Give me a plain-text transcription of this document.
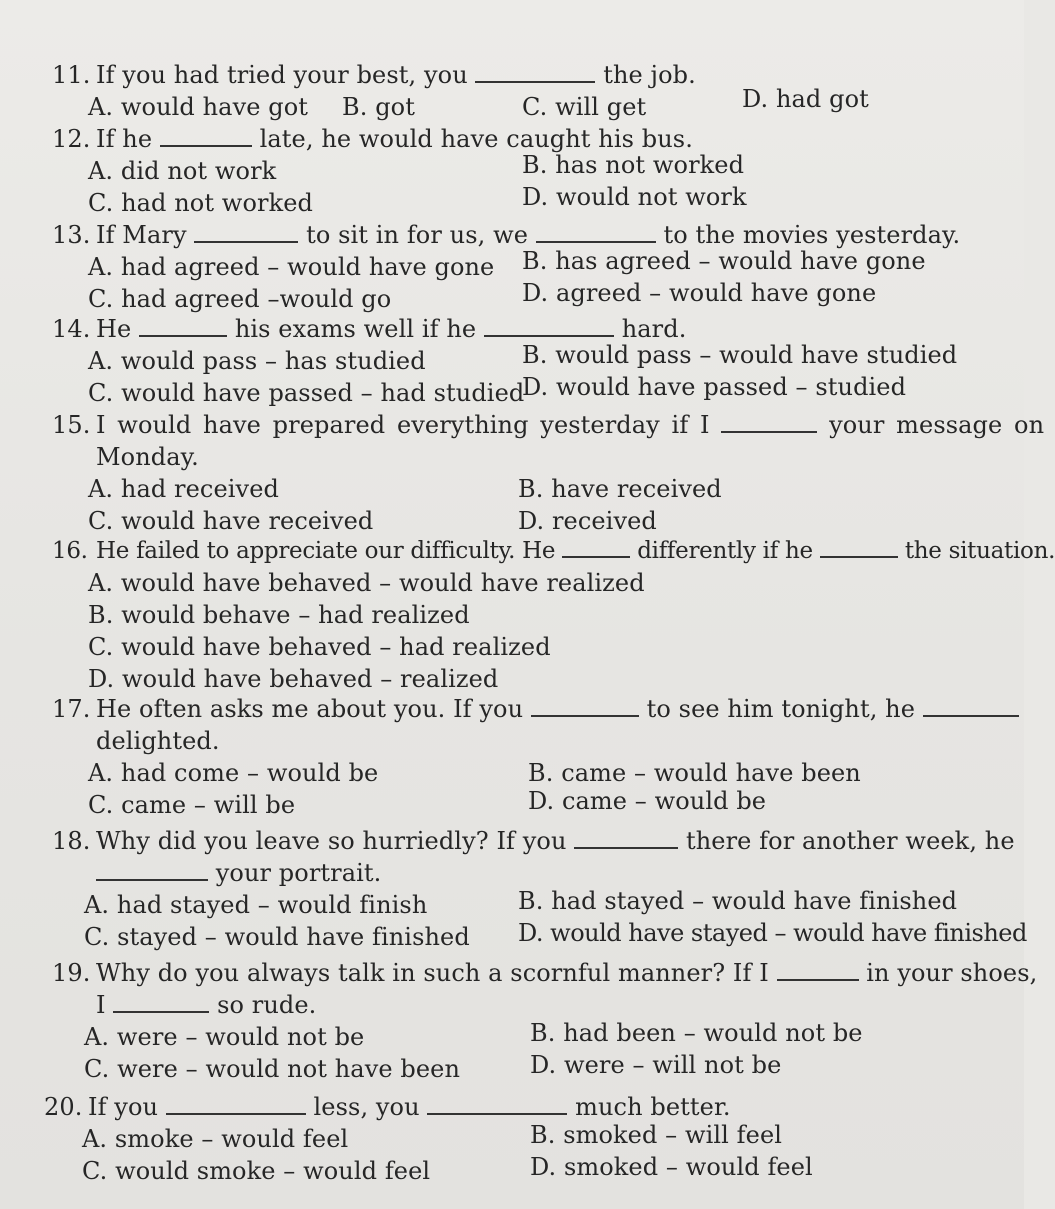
11. If you had tried your best, you	the job.
A. would have got B. got	C. will get	D. had got
12. If he	late, he would have caught his bus.
A. did not work	B. has not worked
C. had not worked	D. would not work
13. If Mary	to sit in for us, we	to the movies yesterday.
A. had agreed – would have gone B. has agreed – would have gone
C. had agreed –would go	D. agreed – would have gone
14. He	his exams well if he	hard.
A. would pass – has studied	B. would pass – would have studied
C. would have passed – had studied
D. would have passed – studied
15. I would have prepared everything yesterday if I	your message on
Monday.
A. had received	B. have received
C. would have received	D. received
16. He failed to appreciate our difficulty. He	differently if he	the situation.
A. would have behaved – would have realized
B. would behave – had realized
C. would have behaved – had realized
D. would have behaved – realized
17. He often asks me about you. If you	to see him tonight, he
delighted.
A. had come – would be	B. came – would have been
C. came – will be	D. came – would be
18. Why did you leave so hurriedly? If you	there for another week, he
your portrait.
A. had stayed – would finish	B. had stayed – would have finished
C. stayed – would have finished D. would have stayed – would have finished
19. Why do you always talk in such a scornful manner? If I	in your shoes,
I	so rude.
A. were – would not be	B. had been – would not be
C. were – would not have been	D. were – will not be
20. If you	less, you	much better.
A. smoke – would feel	B. smoked – will feel
C. would smoke – would feel	D. smoked – would feel
